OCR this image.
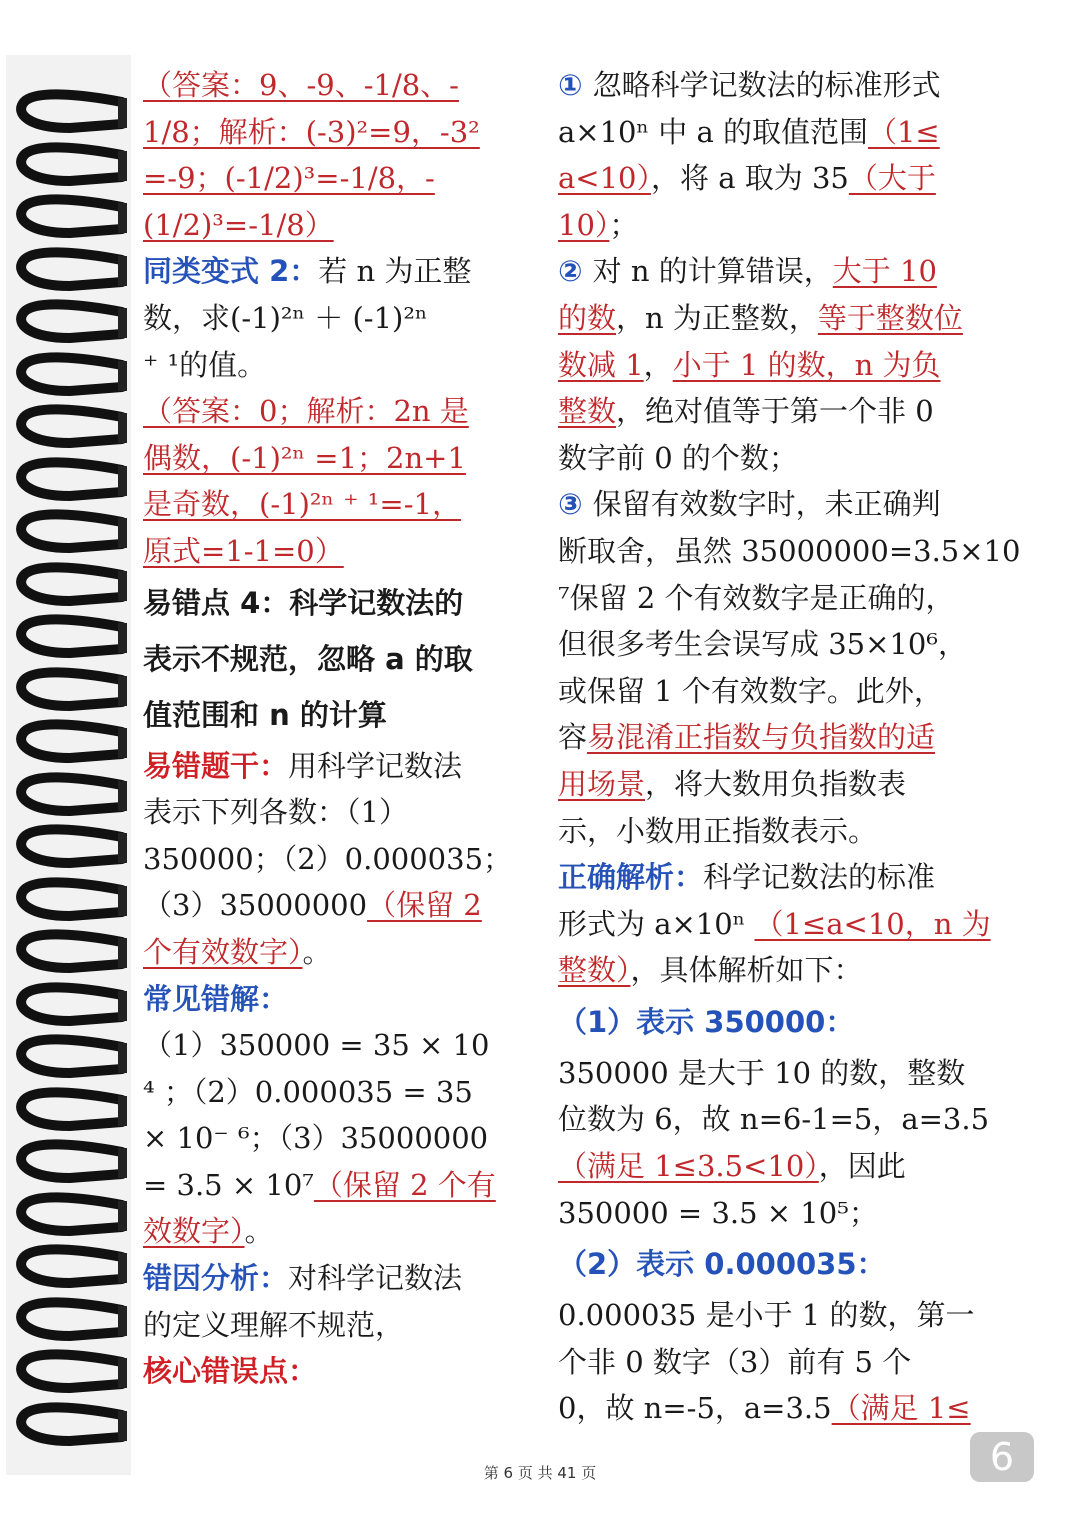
（答案：9、-9、-1/8、-
1/8；解析：(-3)²=9，-3²
=-9；(-1/2)³=-1/8，-
(1/2)³=-1/8）
同类变式 2：若 n 为正整
数，求(-1)²ⁿ ＋ (-1)²ⁿ
⁺ ¹的值。
（答案：0；解析：2n 是
偶数，(-1)²ⁿ =1；2n+1
是奇数，(-1)²ⁿ ⁺ ¹=-1，
原式=1-1=0）
易错点 4：科学记数法的
表示不规范，忽略 a 的取
值范围和 n 的计算
易错题干：用科学记数法
表示下列各数：（1）
350000；（2）0.000035；
（3）35000000（保留 2
个有效数字）。
常见错解：
（1）350000 = 35 × 10
⁴ ；（2）0.000035 = 35
× 10⁻ ⁶；（3）35000000
= 3.5 × 10⁷（保留 2 个有
效数字）。
错因分析：对科学记数法
的定义理解不规范，
核心错误点：
① 忽略科学记数法的标准形式
a×10ⁿ 中 a 的取值范围（1≤
a<10），将 a 取为 35（大于
10）；
② 对 n 的计算错误，大于 10
的数，n 为正整数，等于整数位
数减 1，小于 1 的数，n 为负
整数，绝对值等于第一个非 0
数字前 0 的个数；
③ 保留有效数字时，未正确判
断取舍，虽然 35000000=3.5×10
⁷保留 2 个有效数字是正确的，
但很多考生会误写成 35×10⁶，
或保留 1 个有效数字。此外，
容易混淆正指数与负指数的适
用场景，将大数用负指数表
示，小数用正指数表示。
正确解析：科学记数法的标准
形式为 a×10ⁿ （1≤a<10，n 为
整数），具体解析如下：
（1）表示 350000：
350000 是大于 10 的数，整数
位数为 6，故 n=6-1=5，a=3.5
（满足 1≤3.5<10），因此
350000 = 3.5 × 10⁵；
（2）表示 0.000035：
0.000035 是小于 1 的数，第一
个非 0 数字（3）前有 5 个
0，故 n=-5，a=3.5（满足 1≤
第 6 页 共 41 页	6
